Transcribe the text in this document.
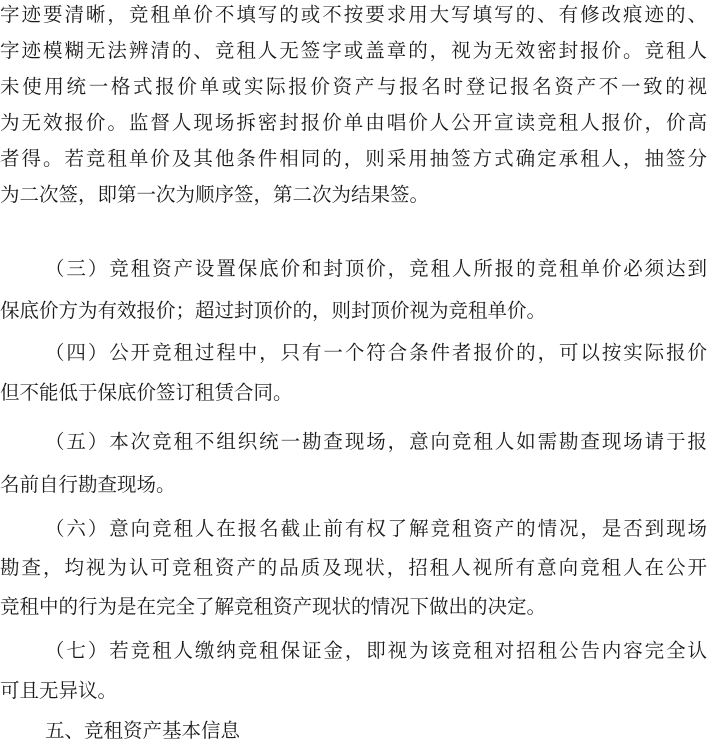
字迹要清晰，竞租单价不填写的或不按要求用大写填写的、有修改痕迹的、
字迹模糊无法辨清的、竞租人无签字或盖章的，视为无效密封报价。竞租人
未使用统一格式报价单或实际报价资产与报名时登记报名资产不一致的视
为无效报价。监督人现场拆密封报价单由唱价人公开宣读竞租人报价，价高
者得。若竞租单价及其他条件相同的，则采用抽签方式确定承租人，抽签分
为二次签，即第一次为顺序签，第二次为结果签。
（三）竞租资产设置保底价和封顶价，竞租人所报的竞租单价必须达到
保底价方为有效报价；超过封顶价的，则封顶价视为竞租单价。
（四）公开竞租过程中，只有一个符合条件者报价的，可以按实际报价
但不能低于保底价签订租赁合同。
（五）本次竞租不组织统一勘查现场，意向竞租人如需勘查现场请于报
名前自行勘查现场。
（六）意向竞租人在报名截止前有权了解竞租资产的情况，是否到现场
勘查，均视为认可竞租资产的品质及现状，招租人视所有意向竞租人在公开
竞租中的行为是在完全了解竞租资产现状的情况下做出的决定。
（七）若竞租人缴纳竞租保证金，即视为该竞租对招租公告内容完全认
可且无异议。
五、竞租资产基本信息
